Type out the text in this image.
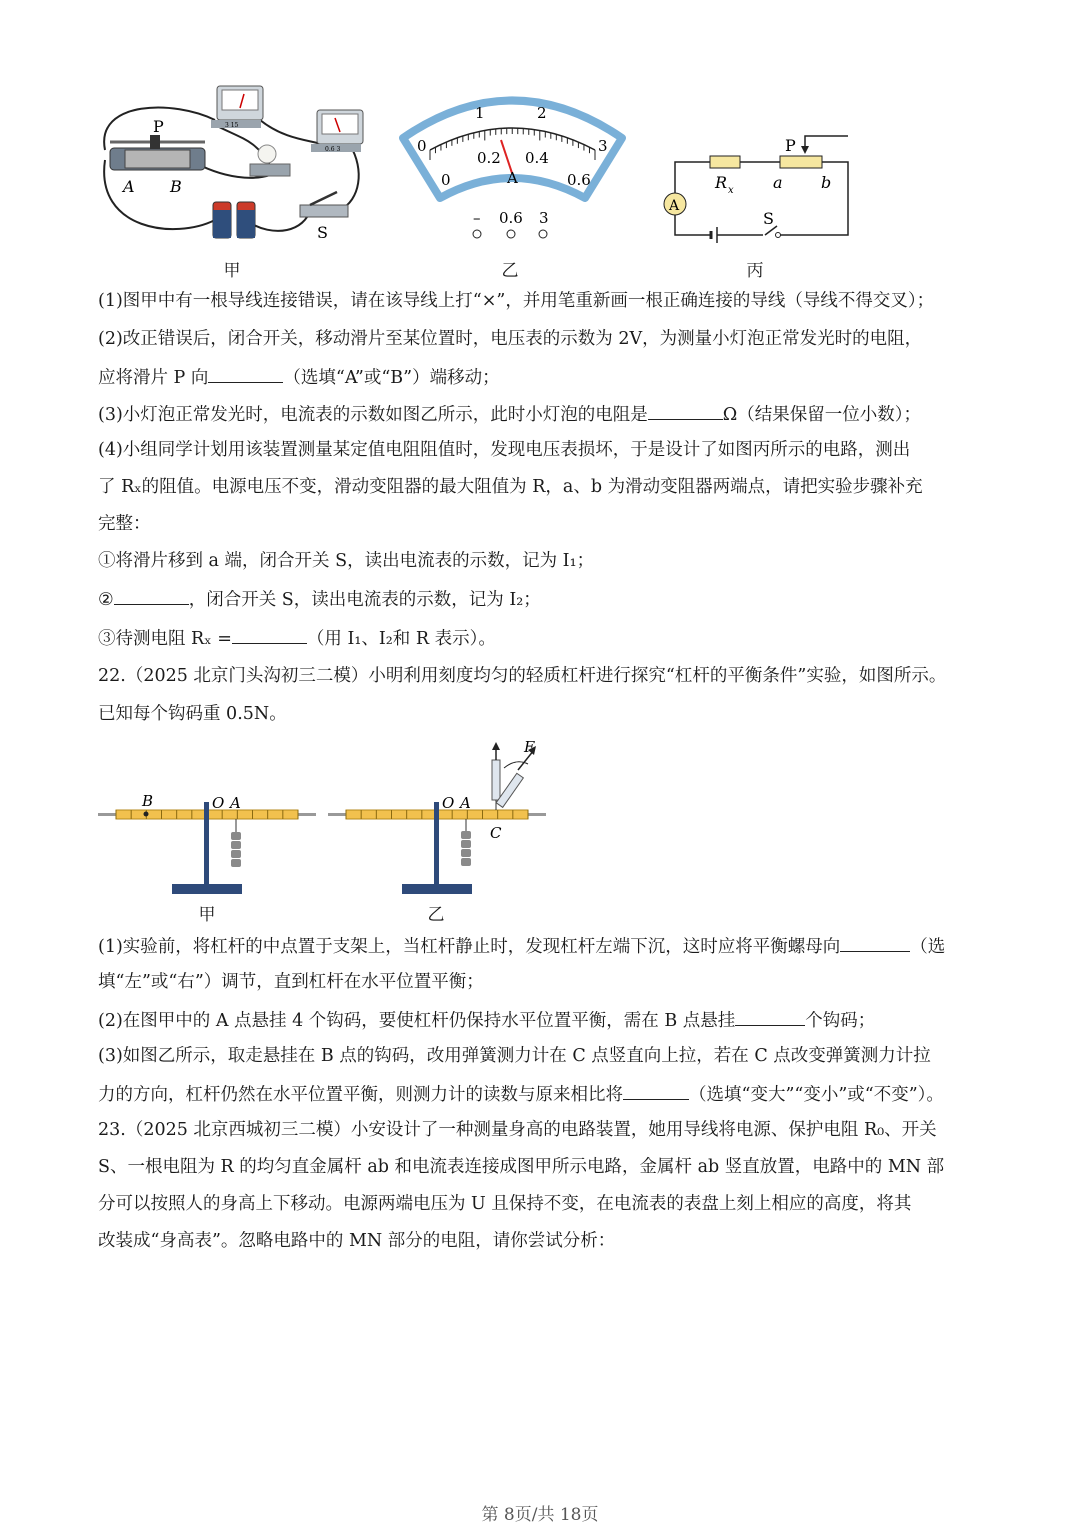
P
A B
S
3 15
0.6 3
甲
0
1	2
3
0
0.2 0.4
0.6
A
– 0.6 3
乙
A
P
R x a b
S
丙
(1)图甲中有一根导线连接错误，请在该导线上打“×”，并用笔重新画一根正确连接的导线（导线不得交叉）；
(2)改正错误后，闭合开关，移动滑片至某位置时，电压表的示数为 2V，为测量小灯泡正常发光时的电阻，
应将滑片 P 向	（选填“A”或“B”）端移动；
(3)小灯泡正常发光时，电流表的示数如图乙所示，此时小灯泡的电阻是	Ω（结果保留一位小数）；
(4)小组同学计划用该装置测量某定值电阻阻值时，发现电压表损坏，于是设计了如图丙所示的电路，测出
了 Rₓ的阻值。电源电压不变，滑动变阻器的最大阻值为 R，a、b 为滑动变阻器两端点，请把实验步骤补充
完整：
①将滑片移到 a 端，闭合开关 S，读出电流表的示数，记为 I₁；
②	，闭合开关 S，读出电流表的示数，记为 I₂；
③待测电阻 Rₓ =	（用 I₁、I₂和 R 表示）。
22.（2025 北京门头沟初三二模）小明利用刻度均匀的轻质杠杆进行探究“杠杆的平衡条件”实验，如图所示。
已知每个钩码重 0.5N。
B	O A
甲
O A
C
F
乙
(1)实验前，将杠杆的中点置于支架上，当杠杆静止时，发现杠杆左端下沉，这时应将平衡螺母向	（选
填“左”或“右”）调节，直到杠杆在水平位置平衡；
(2)在图甲中的 A 点悬挂 4 个钩码，要使杠杆仍保持水平位置平衡，需在 B 点悬挂	个钩码；
(3)如图乙所示，取走悬挂在 B 点的钩码，改用弹簧测力计在 C 点竖直向上拉，若在 C 点改变弹簧测力计拉
力的方向，杠杆仍然在水平位置平衡，则测力计的读数与原来相比将	（选填“变大”“变小”或“不变”）。
23.（2025 北京西城初三二模）小安设计了一种测量身高的电路装置，她用导线将电源、保护电阻 R₀、开关
S、一根电阻为 R 的均匀直金属杆 ab 和电流表连接成图甲所示电路，金属杆 ab 竖直放置，电路中的 MN 部
分可以按照人的身高上下移动。电源两端电压为 U 且保持不变，在电流表的表盘上刻上相应的高度，将其
改装成“身高表”。忽略电路中的 MN 部分的电阻，请你尝试分析：
第 8页/共 18页
